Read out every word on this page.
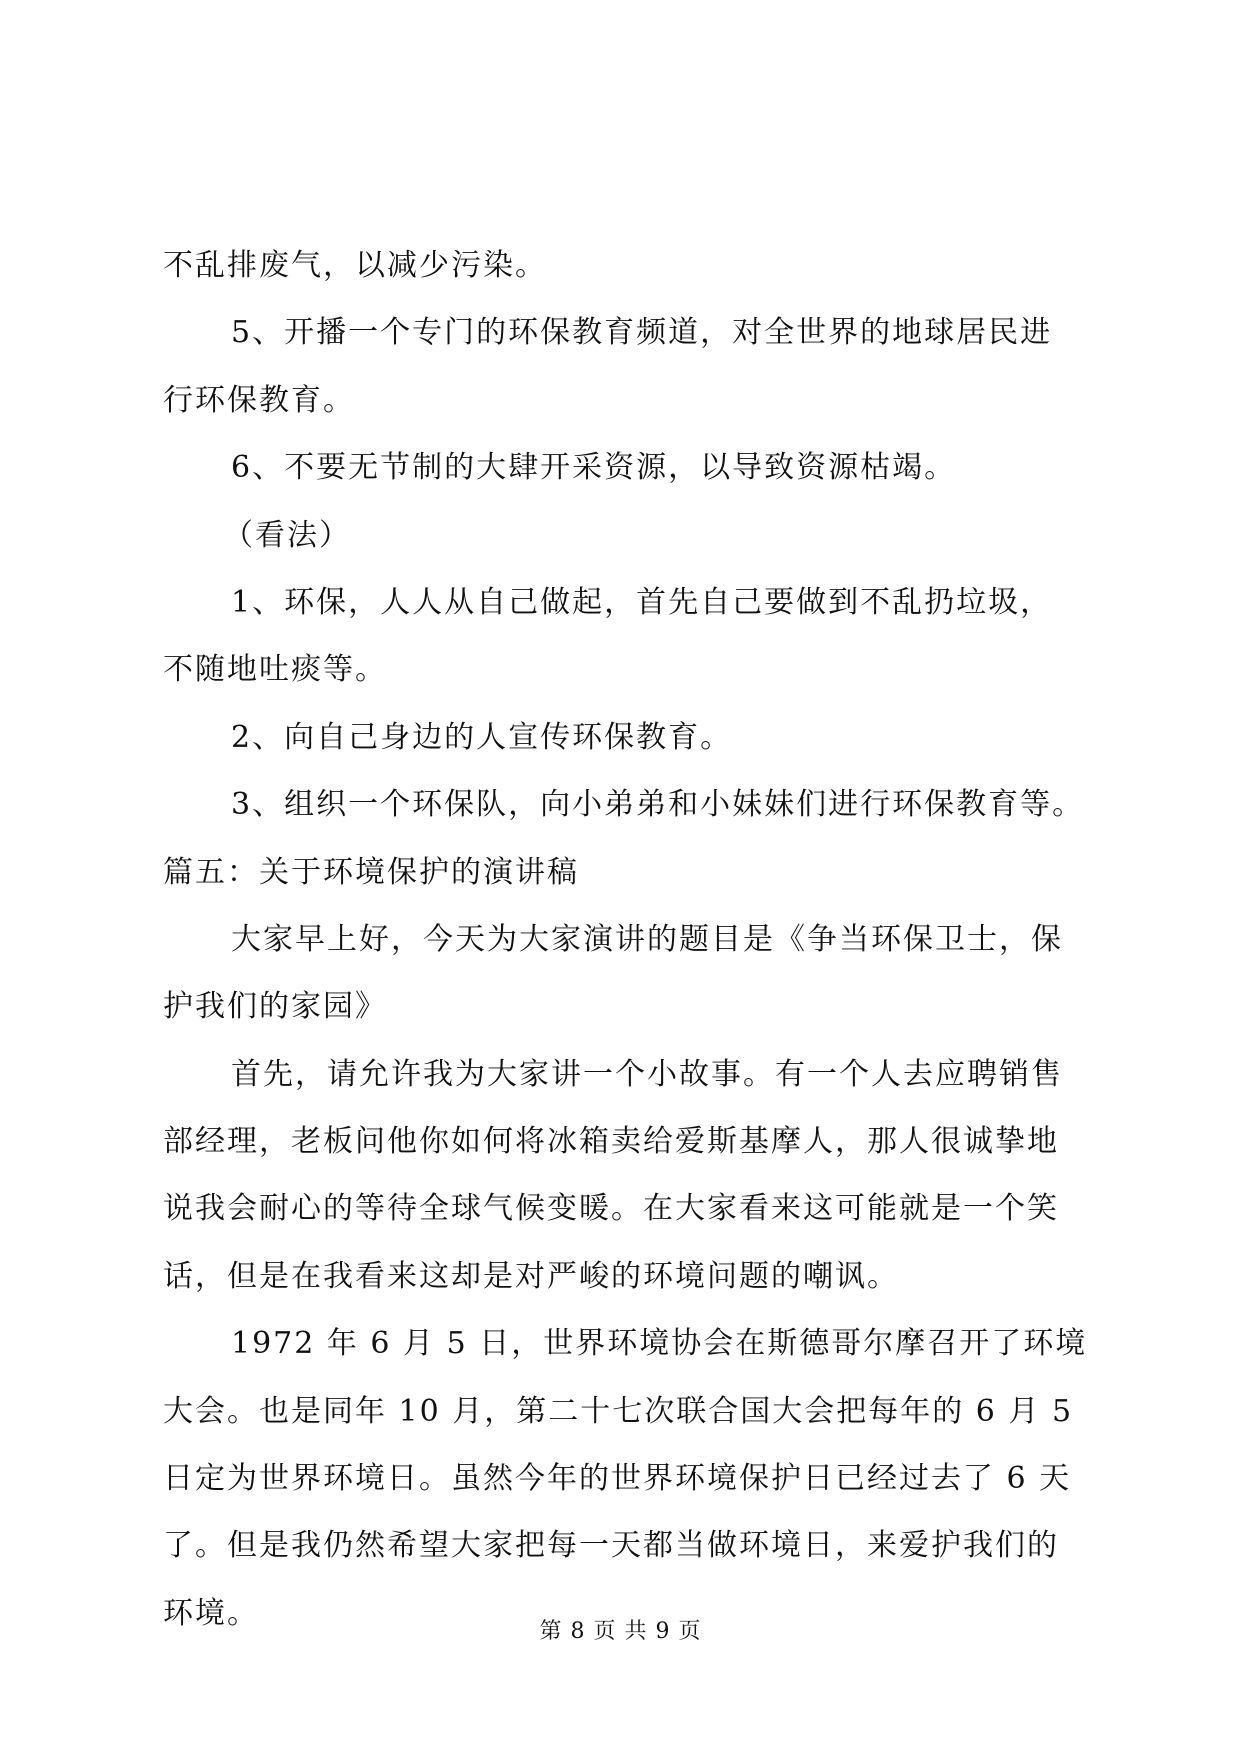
不乱排废气，以减少污染。
5、开播一个专门的环保教育频道，对全世界的地球居民进
行环保教育。
6、不要无节制的大肆开采资源，以导致资源枯竭。
（看法）
1、环保，人人从自己做起，首先自己要做到不乱扔垃圾，
不随地吐痰等。
2、向自己身边的人宣传环保教育。
3、组织一个环保队，向小弟弟和小妹妹们进行环保教育等。
篇五：关于环境保护的演讲稿
大家早上好，今天为大家演讲的题目是《争当环保卫士，保
护我们的家园》
首先，请允许我为大家讲一个小故事。有一个人去应聘销售
部经理，老板问他你如何将冰箱卖给爱斯基摩人，那人很诚挚地
说我会耐心的等待全球气候变暖。在大家看来这可能就是一个笑
话，但是在我看来这却是对严峻的环境问题的嘲讽。
1972 年 6 月 5 日，世界环境协会在斯德哥尔摩召开了环境
大会。也是同年 10 月，第二十七次联合国大会把每年的 6 月 5
日定为世界环境日。虽然今年的世界环境保护日已经过去了 6 天
了。但是我仍然希望大家把每一天都当做环境日，来爱护我们的
环境。
第 8 页 共 9 页
